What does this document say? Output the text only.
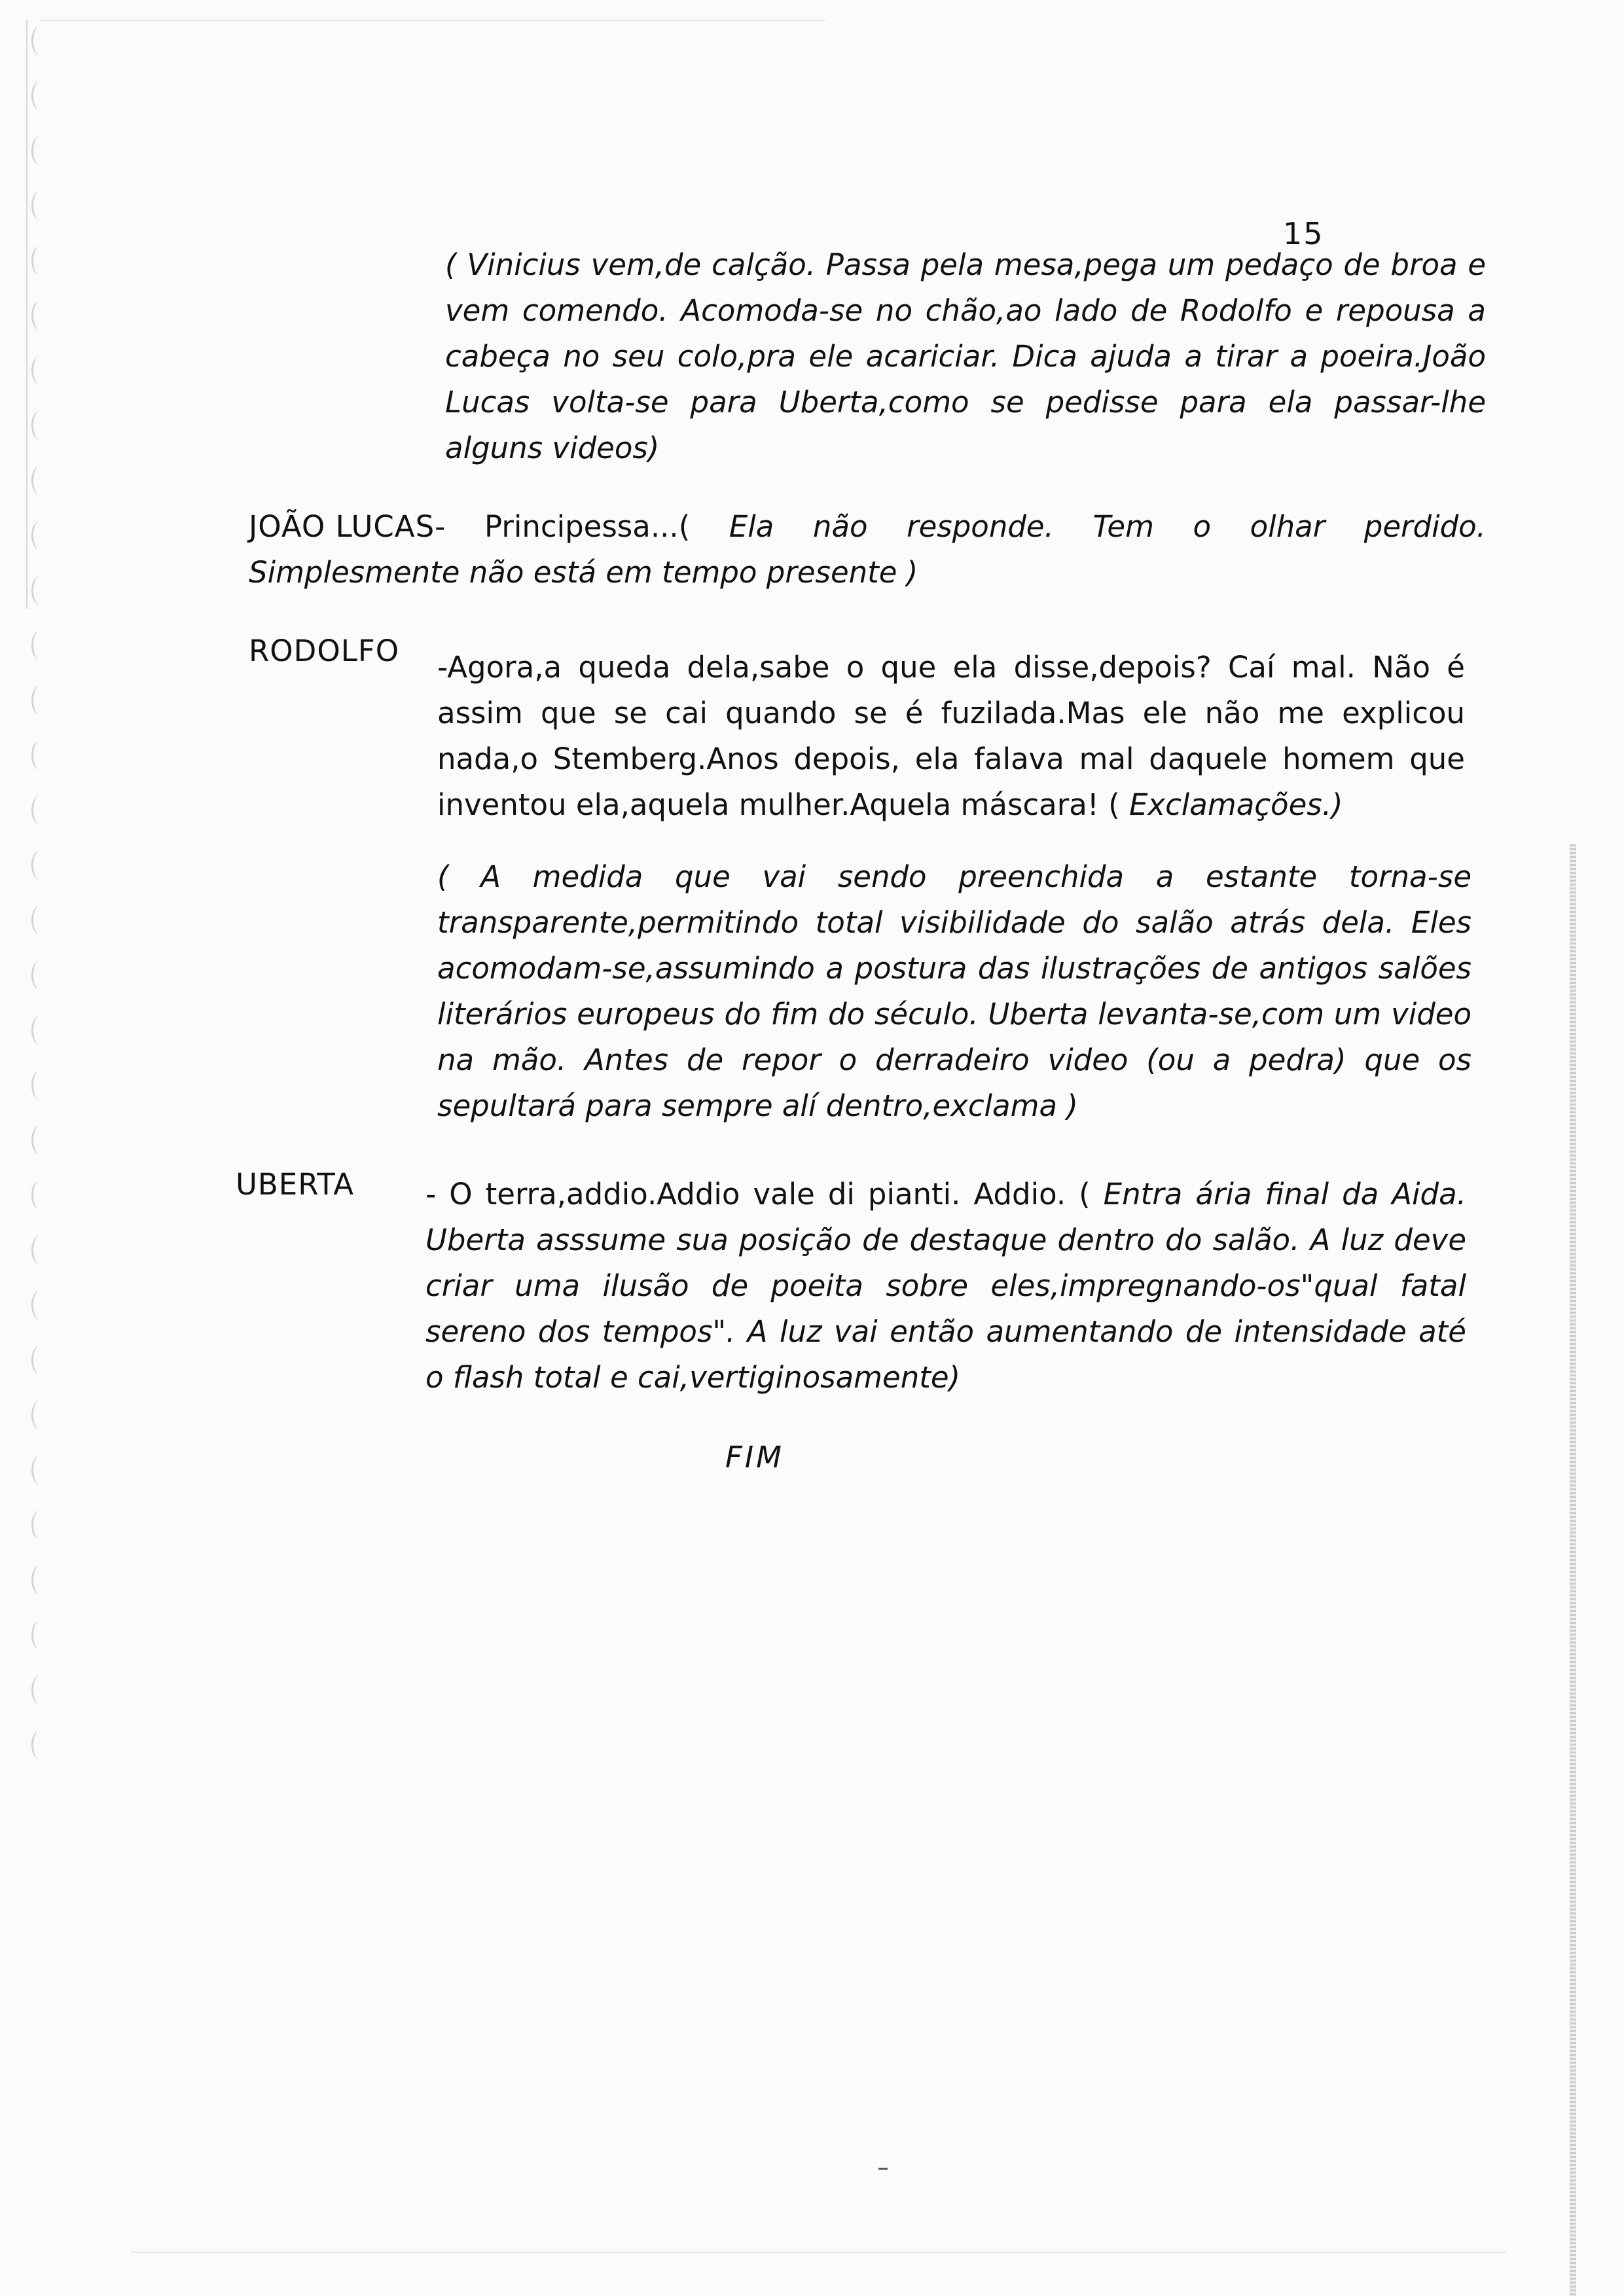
15

( Vinicius vem,de calção. Passa pela mesa,pega um pedaço de broa e vem comendo. Acomoda-se no chão,ao lado de Rodolfo e repousa a cabeça no seu colo,pra ele acariciar. Dica ajuda a tirar a poeira.João Lucas volta-se para Uberta,como se pedisse para ela passar-lhe alguns videos)

JOÃO LUCAS-	Principessa...( Ela não responde. Tem o olhar perdido. Simplesmente não está em tempo presente )

RODOLFO -Agora,a queda dela,sabe o que ela disse,depois? Caí mal. Não é assim que se cai quando se é fuzilada.Mas ele não me explicou nada,o Stemberg.Anos depois, ela falava mal daquele homem que inventou ela,aquela mulher.Aquela máscara! ( Exclamações.)

( A medida que vai sendo preenchida a estante torna-se transparente,permitindo total visibilidade do salão atrás dela. Eles acomodam-se,assumindo a postura das ilustrações de antigos salões literários europeus do fim do século. Uberta levanta-se,com um video na mão. Antes de repor o derradeiro video (ou a pedra) que os sepultará para sempre alí dentro,exclama )

UBERTA - O terra,addio.Addio vale di pianti. Addio. ( Entra ária final da Aida. Uberta asssume sua posição de destaque dentro do salão. A luz deve criar uma ilusão de poeita sobre eles,impregnando-os"qual fatal sereno dos tempos". A luz vai então aumentando de intensidade até o flash total e cai,vertiginosamente)

FIM
